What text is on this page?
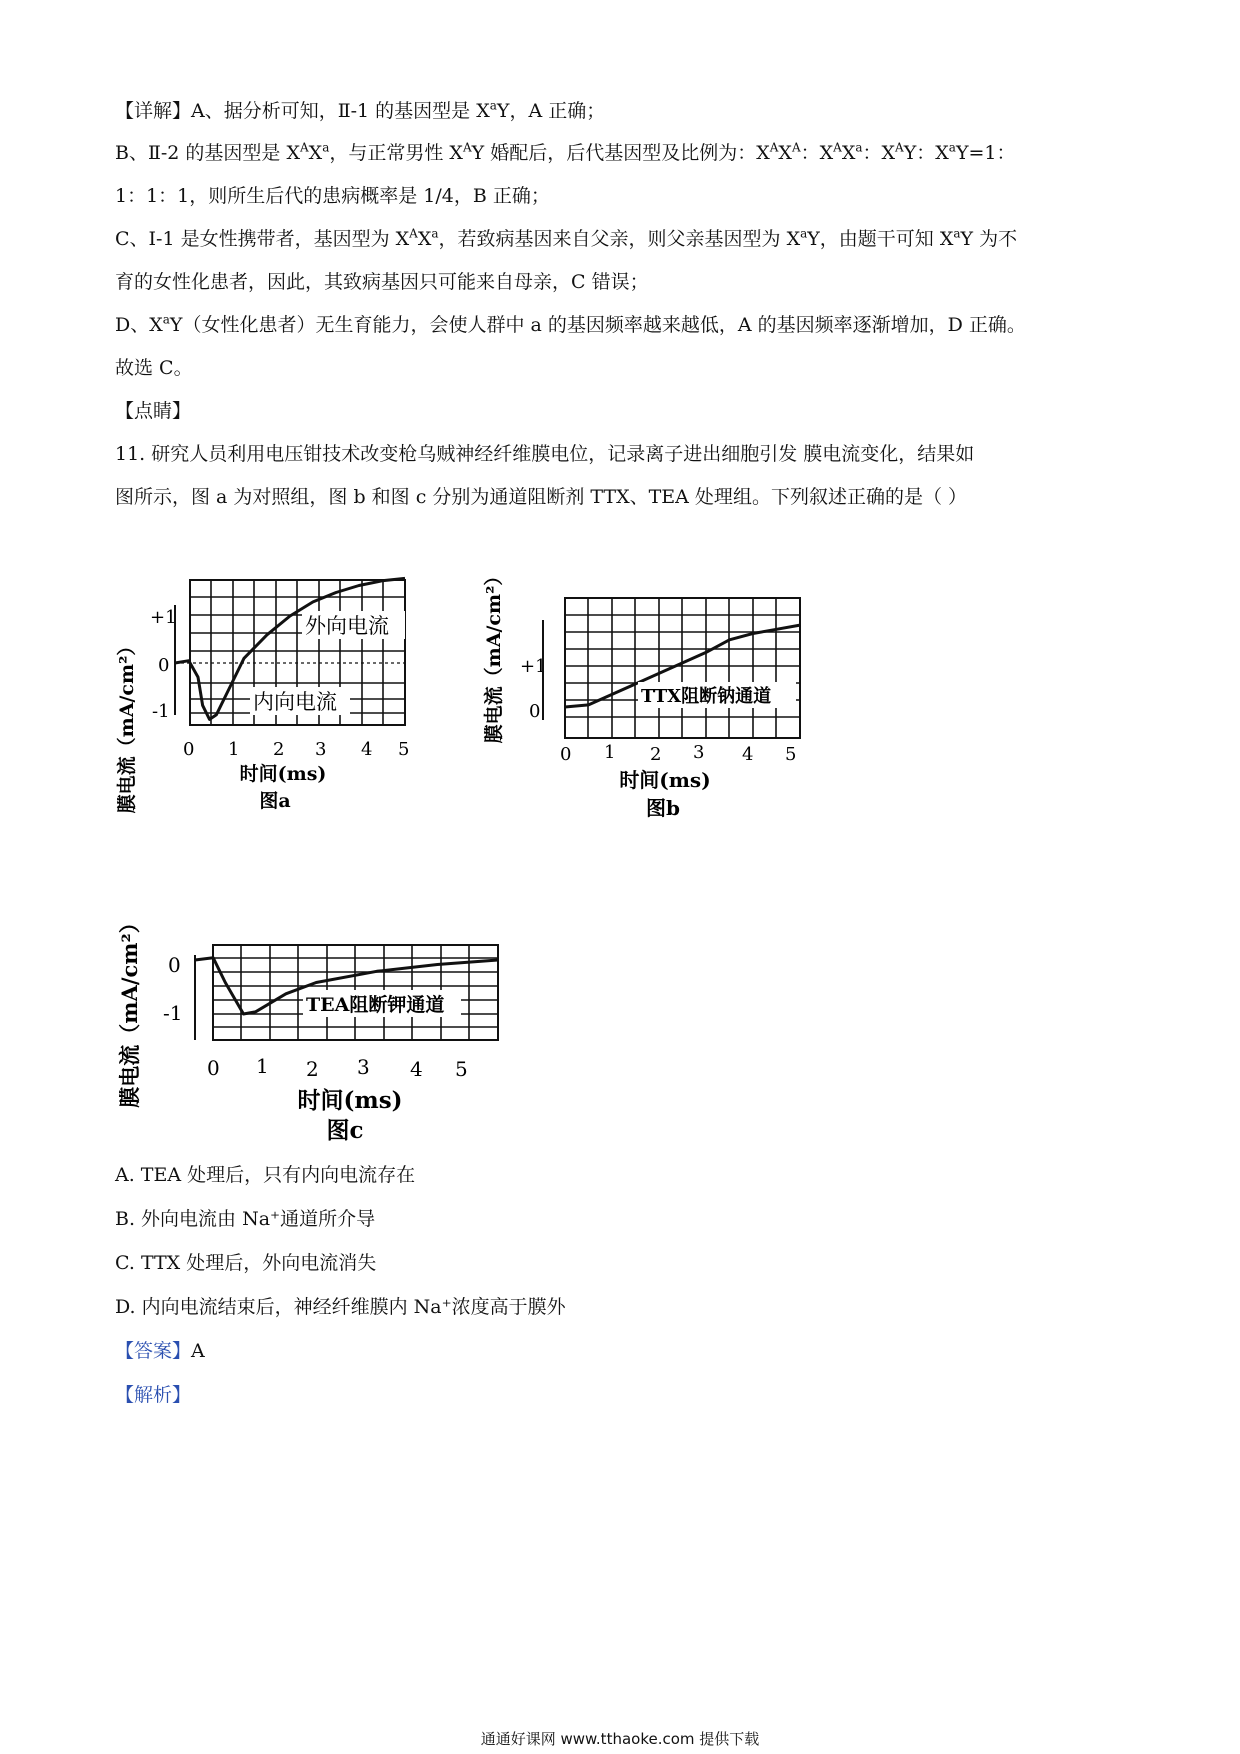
【详解】A、据分析可知，Ⅱ-1 的基因型是 $X^aY$，A 正确；
B、Ⅱ-2 的基因型是 $X^AX^a$，与正常男性 $X^AY$ 婚配后，后代基因型及比例为：$X^AX^A$：$X^AX^a$：$X^AY$：$X^aY=1$：
1：1：1，则所生后代的患病概率是 1/4，B 正确；
C、Ⅰ-1 是女性携带者，基因型为 $X^AX^a$，若致病基因来自父亲，则父亲基因型为 $X^aY$，由题干可知 $X^aY$ 为不
育的女性化患者，因此，其致病基因只可能来自母亲，C 错误；
D、$X^aY$（女性化患者）无生育能力，会使人群中 a 的基因频率越来越低，A 的基因频率逐渐增加，D 正确。
故选 C。
【点睛】
11. 研究人员利用电压钳技术改变枪乌贼神经纤维膜电位，记录离子进出细胞引发 膜电流变化，结果如
图所示，图 a 为对照组，图 b 和图 c 分别为通道阻断剂 TTX、TEA 处理组。下列叙述正确的是（ ）
膜电流（mA/cm²）
+1
0
-1
外向电流
内向电流
0 1 2 3 4 5
时间(ms)
图a
膜电流（mA/cm²） +1
0
TTX阻断钠通道
0 1 2 3 4 5
时间(ms)
图b
膜电流（mA/cm²） 0
-1	TEA阻断钾通道
0 1 2 3 4 5
时间(ms)
图c
A. TEA 处理后，只有内向电流存在
B. 外向电流由 Na⁺通道所介导
C. TTX 处理后，外向电流消失
D. 内向电流结束后，神经纤维膜内 Na⁺浓度高于膜外
【答案】A
【解析】
通通好课网 www.tthaoke.com 提供下载
